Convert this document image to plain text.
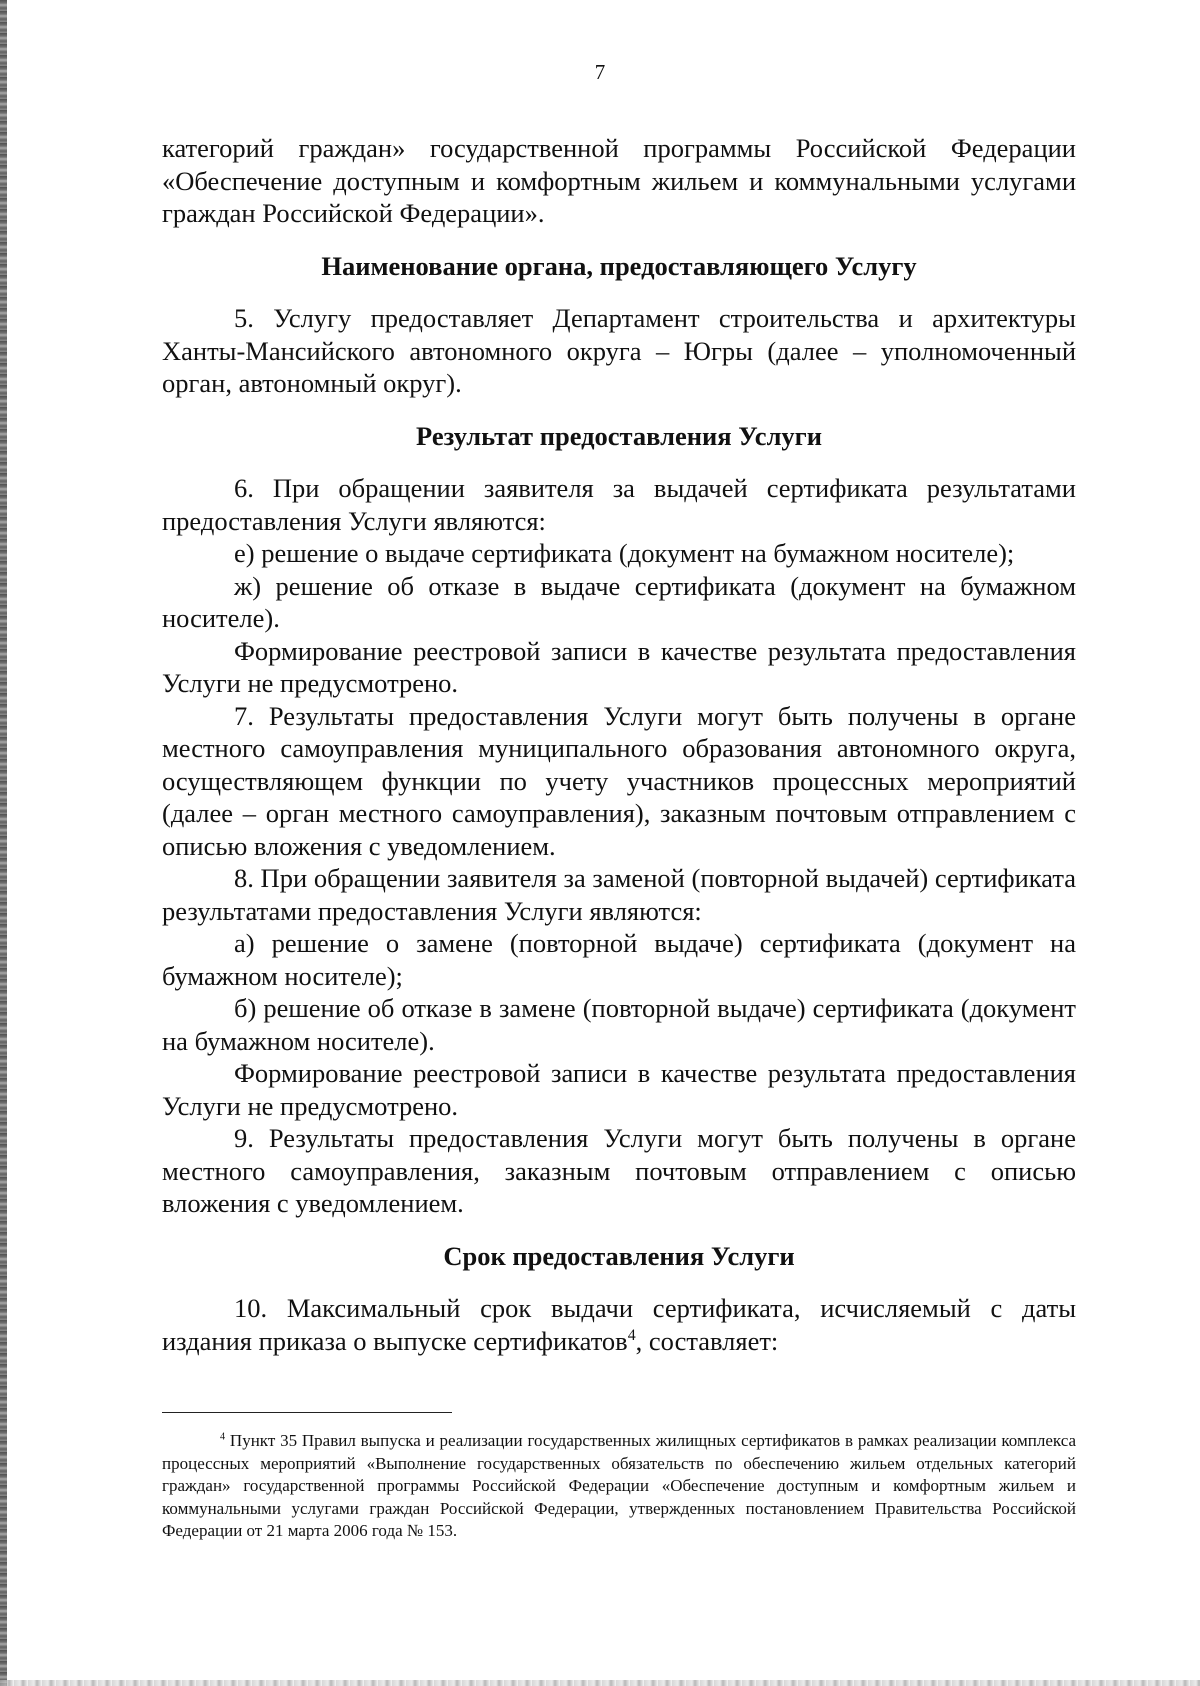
7

категорий граждан» государственной программы Российской Федерации «Обеспечение доступным и комфортным жильем и коммунальными услугами граждан Российской Федерации».

Наименование органа, предоставляющего Услугу

5. Услугу предоставляет Департамент строительства и архитектуры Ханты-Мансийского автономного округа – Югры (далее – уполномоченный орган, автономный округ).

Результат предоставления Услуги

6. При обращении заявителя за выдачей сертификата результатами предоставления Услуги являются:

е) решение о выдаче сертификата (документ на бумажном носителе);

ж) решение об отказе в выдаче сертификата (документ на бумажном носителе).

Формирование реестровой записи в качестве результата предоставления Услуги не предусмотрено.

7. Результаты предоставления Услуги могут быть получены в органе местного самоуправления муниципального образования автономного округа, осуществляющем функции по учету участников процессных мероприятий (далее – орган местного самоуправления), заказным почтовым отправлением с описью вложения с уведомлением.

8. При обращении заявителя за заменой (повторной выдачей) сертификата результатами предоставления Услуги являются:

а) решение о замене (повторной выдаче) сертификата (документ на бумажном носителе);

б) решение об отказе в замене (повторной выдаче) сертификата (документ на бумажном носителе).

Формирование реестровой записи в качестве результата предоставления Услуги не предусмотрено.

9. Результаты предоставления Услуги могут быть получены в органе местного самоуправления, заказным почтовым отправлением с описью вложения с уведомлением.

Срок предоставления Услуги

10. Максимальный срок выдачи сертификата, исчисляемый с даты издания приказа о выпуске сертификатов$^4$, составляет:

$^4$ Пункт 35 Правил выпуска и реализации государственных жилищных сертификатов в рамках реализации комплекса процессных мероприятий «Выполнение государственных обязательств по обеспечению жильем отдельных категорий граждан» государственной программы Российской Федерации «Обеспечение доступным и комфортным жильем и коммунальными услугами граждан Российской Федерации, утвержденных постановлением Правительства Российской Федерации от 21 марта 2006 года № 153.
